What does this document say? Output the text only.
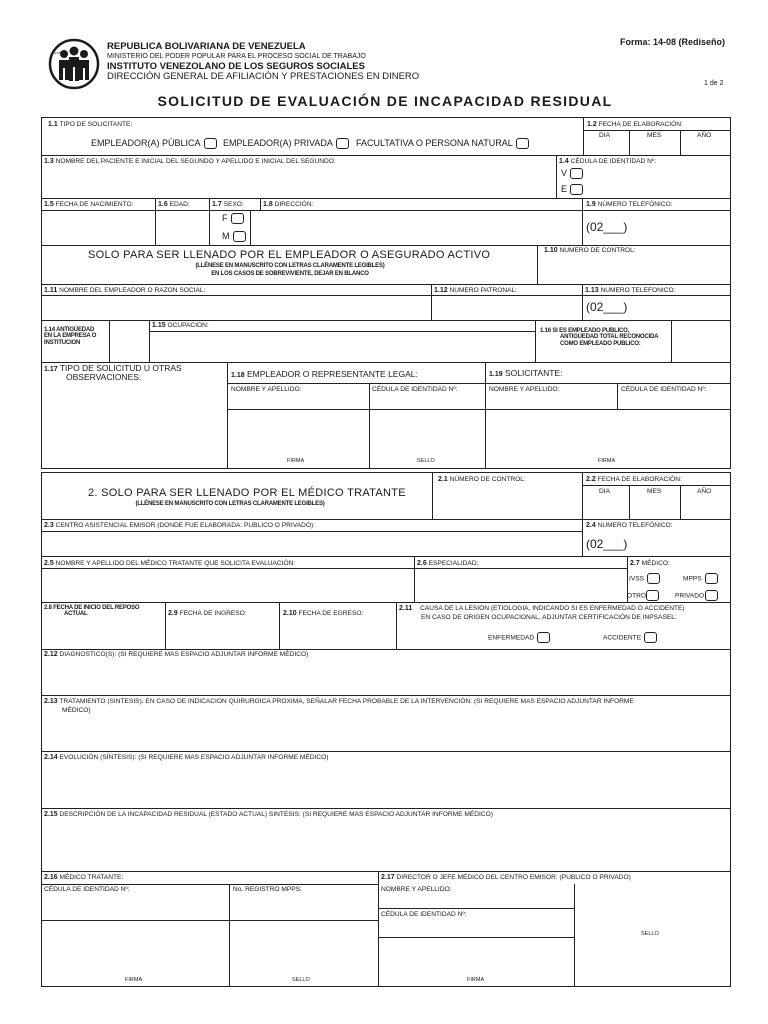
IVSS
REPUBLICA BOLIVARIANA DE VENEZUELA
MINISTERIO DEL PODER POPULAR PARA EL PROCESO SOCIAL DE TRABAJO
INSTITUTO VENEZOLANO DE LOS SEGUROS SOCIALES
DIRECCIÓN GENERAL DE AFILIACIÓN Y PRESTACIONES EN DINERO
Forma: 14-08 (Rediseño)
1 de 2
SOLICITUD DE EVALUACIÓN DE INCAPACIDAD RESIDUAL
1.1 TIPO DE SOLICITANTE:
EMPLEADOR(A) PÚBLICA	EMPLEADOR(A) PRIVADA	FACULTATIVA O PERSONA NATURAL
1.2 FECHA DE ELABORACIÓN:
DIA	MES	AÑO
1.3 NOMBRE DEL PACIENTE E INICIAL DEL SEGUNDO Y APELLIDO E INICIAL DEL SEGUNDO:	1.4 CÉDULA DE IDENTIDAD Nº:
V
E
1.5 FECHA DE NACIMIENTO:	1.6 EDAD:	1.7 SEXO:	1.8 DIRECCIÓN:	1.9 NÚMERO TELEFÓNICO:
F
M
(02___)
SOLO PARA SER LLENADO POR EL EMPLEADOR O ASEGURADO ACTIVO
(LLÉNESE EN MANUSCRITO CON LETRAS CLARAMENTE LEGIBLES)
EN LOS CASOS DE SOBREVIVIENTE, DEJAR EN BLANCO
1.10 NUMERO DE CONTROL:
1.11 NOMBRE DEL EMPLEADOR O RAZON SOCIAL:	1.12 NUMERO PATRONAL:	1.13 NUMERO TELEFONICO:
(02___)
1.14 ANTIGÜEDAD
EN LA EMPRESA O
INSTITUCION
1.15 OCUPACION:
1.16 SI ES EMPLEADO PUBLICO,
ANTIGÜEDAD TOTAL RECONOCIDA
COMO EMPLEADO PUBLICO:
1.17 TIPO DE SOLICITUD U OTRAS
OBSERVACIONES:	1.18 EMPLEADOR O REPRESENTANTE LEGAL:	1.19 SOLICITANTE:
NOMBRE Y APELLIDO:	CÉDULA DE IDENTIDAD Nº:	NOMBRE Y APELLIDO:	CÉDULA DE IDENTIDAD Nº:
FIRMA	SELLO	FIRMA
2. SOLO PARA SER LLENADO POR EL MÉDICO TRATANTE
(LLÉNESE EN MANUSCRITO CON LETRAS CLARAMENTE LEGIBLES)
2.1 NÚMERO DE CONTROL:	2.2 FECHA DE ELABORACIÓN:
DIA	MES	AÑO
2.3 CENTRO ASISTENCIAL EMISOR (DONDE FUE ELABORADA: PUBLICO O PRIVADO):	2.4 NUMERO TELEFÓNICO:
(02___)
2.5 NOMBRE Y APELLIDO DEL MÉDICO TRATANTE QUE SOLICITA EVALUACIÓN:	2.6 ESPECIALIDAD:	2.7 MÉDICO:
IVSS	MPPS
OTRO	PRIVADO
2.8 FECHA DE INICIO DEL REPOSO
ACTUAL	2.9 FECHA DE INGRESO:	2.10 FECHA DE EGRESO:
2.11 CAUSA DE LA LESION (ETIOLOGIA, INDICANDO SI ES ENFERMEDAD O ACCIDENTE)
EN CASO DE ORIGEN OCUPACIONAL, ADJUNTAR CERTIFICACIÓN DE INPSASEL:
ENFERMEDAD	ACCIDENTE
2.12 DIAGNOSTICO(S): (SI REQUIERE MAS ESPACIO ADJUNTAR INFORME MÉDICO)
2.13 TRATAMIENTO (SINTESIS). EN CASO DE INDICACION QUIRURGICA PROXIMA, SEÑALAR FECHA PROBABLE DE LA INTERVENCIÓN: (SI REQUIERE MAS ESPACIO ADJUNTAR INFORME
MÉDICO)
2.14 EVOLUCIÓN (SÍNTESIS): (SI REQUIERE MAS ESPACIO ADJUNTAR INFORME MÉDICO)
2.15 DESCRIPCIÓN DE LA INCAPACIDAD RESIDUAL (ESTADO ACTUAL) SINTESIS: (SI REQUIERE MAS ESPACIO ADJUNTAR INFORME MÉDICO)
2.16 MÉDICO TRATANTE:	2.17 DIRECTOR O JEFE MÉDICO DEL CENTRO EMISOR: (PUBLICO O PRIVADO)
CÉDULA DE IDENTIDAD Nº:	No. REGISTRO MPPS:	NOMBRE Y APELLIDO:
CÉDULA DE IDENTIDAD Nº:
SELLO
FIRMA	SELLO	FIRMA
